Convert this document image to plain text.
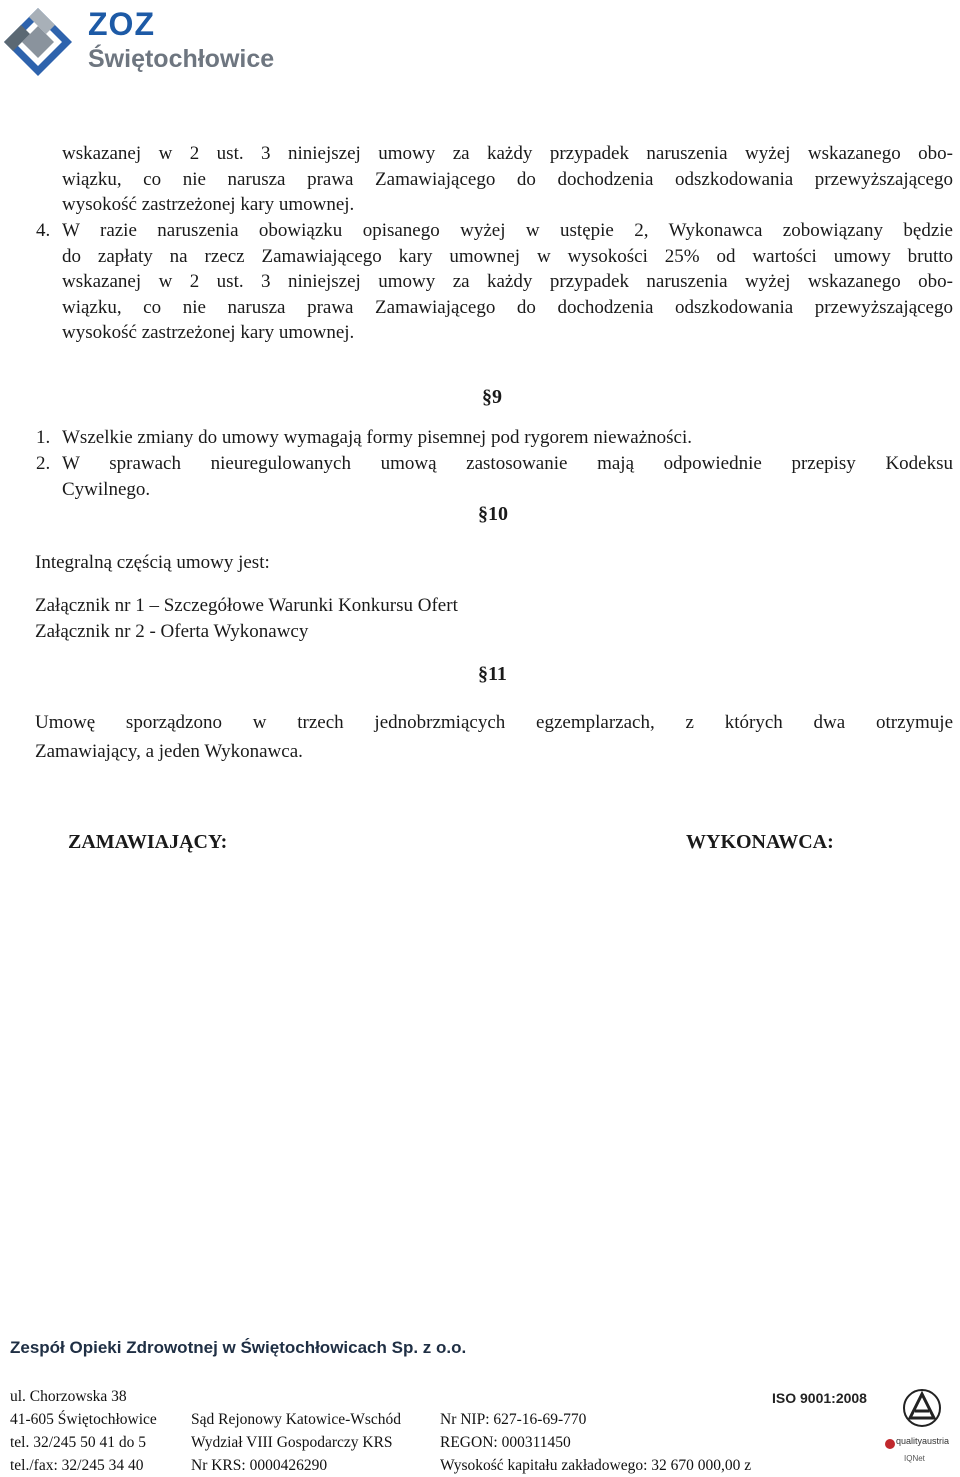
ZOZ
Świętochłowice
wskazanej w 2 ust. 3 niniejszej umowy za każdy przypadek naruszenia wyżej wskazanego obo-
wiązku, co nie narusza prawa Zamawiającego do dochodzenia odszkodowania przewyższającego
wysokość zastrzeżonej kary umownej.
4. W razie naruszenia obowiązku opisanego wyżej w ustępie 2, Wykonawca zobowiązany będzie
do zapłaty na rzecz Zamawiającego kary umownej w wysokości 25% od wartości umowy brutto
wskazanej w 2 ust. 3 niniejszej umowy za każdy przypadek naruszenia wyżej wskazanego obo-
wiązku, co nie narusza prawa Zamawiającego do dochodzenia odszkodowania przewyższającego
wysokość zastrzeżonej kary umownej.
§9
1. Wszelkie zmiany do umowy wymagają formy pisemnej pod rygorem nieważności.
2. W sprawach nieuregulowanych umową zastosowanie mają odpowiednie przepisy Kodeksu
Cywilnego.
§10
Integralną częścią umowy jest:
Załącznik nr 1 – Szczegółowe Warunki Konkursu Ofert
Załącznik nr 2 - Oferta Wykonawcy
§11
Umowę sporządzono w trzech jednobrzmiących egzemplarzach, z których dwa otrzymuje
Zamawiający, a jeden Wykonawca.
ZAMAWIAJĄCY:	WYKONAWCA:
Zespół Opieki Zdrowotnej w Świętochłowicach Sp. z o.o.
ul. Chorzowska 38
41-605 Świętochłowice
tel. 32/245 50 41 do 5
tel./fax: 32/245 34 40
Sąd Rejonowy Katowice-Wschód
Wydział VIII Gospodarczy KRS
Nr KRS: 0000426290
Nr NIP: 627-16-69-770
REGON: 000311450
Wysokość kapitału zakładowego: 32 670 000,00 z
ISO 9001:2008
qualityaustria
IQNet
